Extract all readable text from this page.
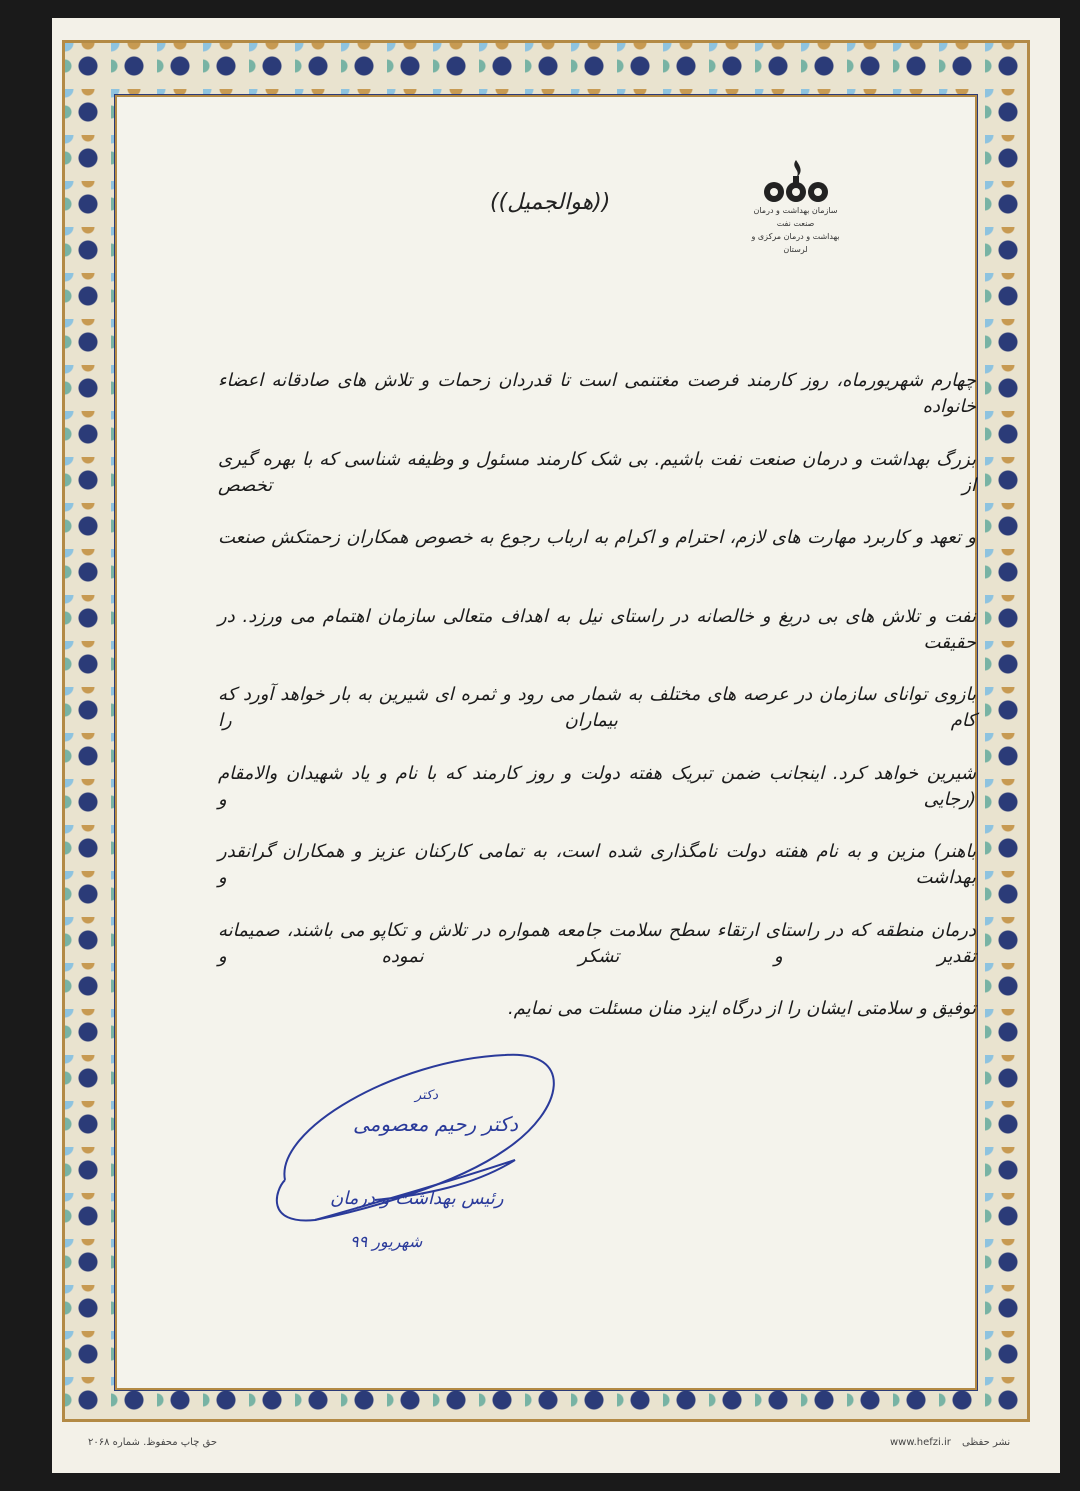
سازمان بهداشت و درمان صنعت نفت
بهداشت و درمان مرکزی و لرستان
((هوالجمیل))
چهارم شهریورماه، روز کارمند فرصت مغتنمی است تا قدردان زحمات و تلاش های صادقانه اعضاء خانواده
بزرگ بهداشت و درمان صنعت نفت باشیم. بی شک کارمند مسئول و وظیفه شناسی که با بهره گیری از تخصص
و تعهد و کاربرد مهارت های لازم، احترام و اکرام به ارباب رجوع به خصوص همکاران زحمتکش صنعت
نفت و تلاش های بی دریغ و خالصانه در راستای نیل به اهداف متعالی سازمان اهتمام می ورزد. در حقیقت
بازوی توانای سازمان در عرصه های مختلف به شمار می رود و ثمره ای شیرین به بار خواهد آورد که کام بیماران را
شیرین خواهد کرد. اینجانب ضمن تبریک هفته دولت و روز کارمند که با نام و یاد شهیدان والامقام (رجایی و
باهنر) مزین و به نام هفته دولت نامگذاری شده است، به تمامی کارکنان عزیز و همکاران گرانقدر بهداشت و
درمان منطقه که در راستای ارتقاء سطح سلامت جامعه همواره در تلاش و تکاپو می باشند، صمیمانه تقدیر و تشکر نموده و
توفیق و سلامتی ایشان را از درگاه ایزد منان مسئلت می نمایم.
دکتر
دکتر رحیم معصومی
رئیس بهداشت و درمان
شهریور ۹۹
حق چاپ محفوظ. شماره ۲۰۶۸	www.hefzi.ir نشر حفظی
